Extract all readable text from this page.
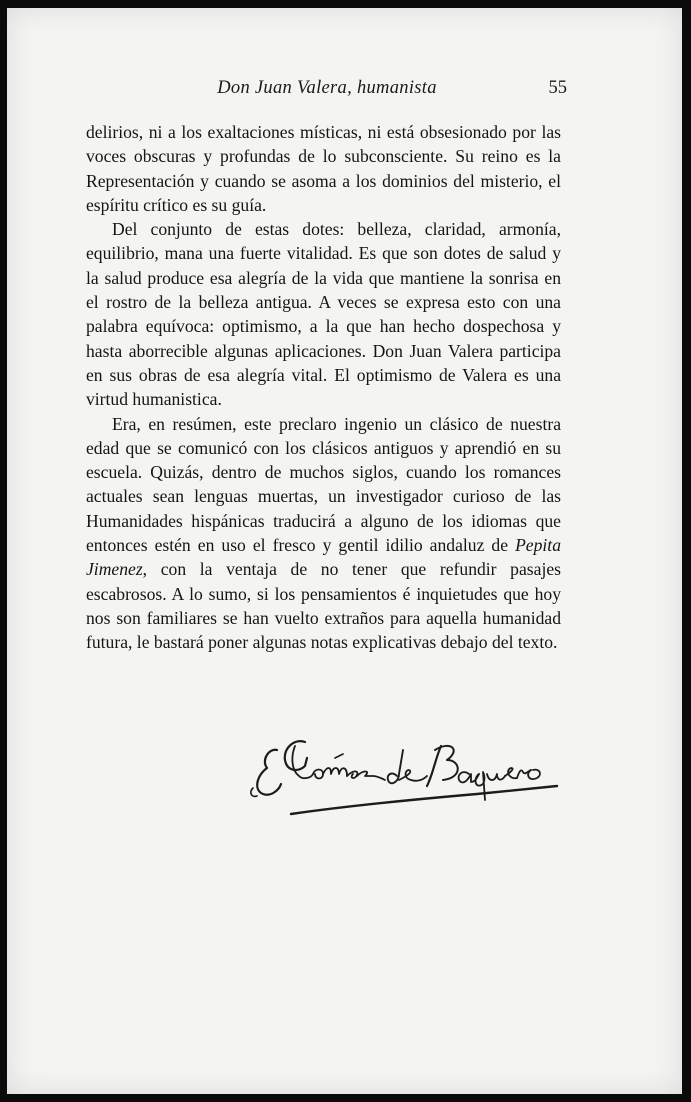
Don Juan Valera, humanista	55

delirios, ni a los exaltaciones místicas, ni está obsesionado por las voces obscuras y profundas de lo subconsciente. Su reino es la Representación y cuando se asoma a los dominios del misterio, el espíritu crítico es su guía.

Del conjunto de estas dotes: belleza, claridad, armonía, equilibrio, mana una fuerte vitalidad. Es que son dotes de salud y la salud produce esa alegría de la vida que mantiene la sonrisa en el rostro de la belleza antigua. A veces se expresa esto con una palabra equívoca: optimismo, a la que han hecho dospechosa y hasta aborrecible algunas aplicaciones. Don Juan Valera participa en sus obras de esa alegría vital. El optimismo de Valera es una virtud humanistica.

Era, en resúmen, este preclaro ingenio un clásico de nuestra edad que se comunicó con los clásicos antiguos y aprendió en su escuela. Quizás, dentro de muchos siglos, cuando los romances actuales sean lenguas muertas, un investigador curioso de las Humanidades hispánicas traducirá a alguno de los idiomas que entonces estén en uso el fresco y gentil idilio andaluz de Pepita Jimenez, con la ventaja de no tener que refundir pasajes escabrosos. A lo sumo, si los pensamientos é inquietudes que hoy nos son familiares se han vuelto extraños para aquella humanidad futura, le bastará poner algunas notas explicativas debajo del texto.
